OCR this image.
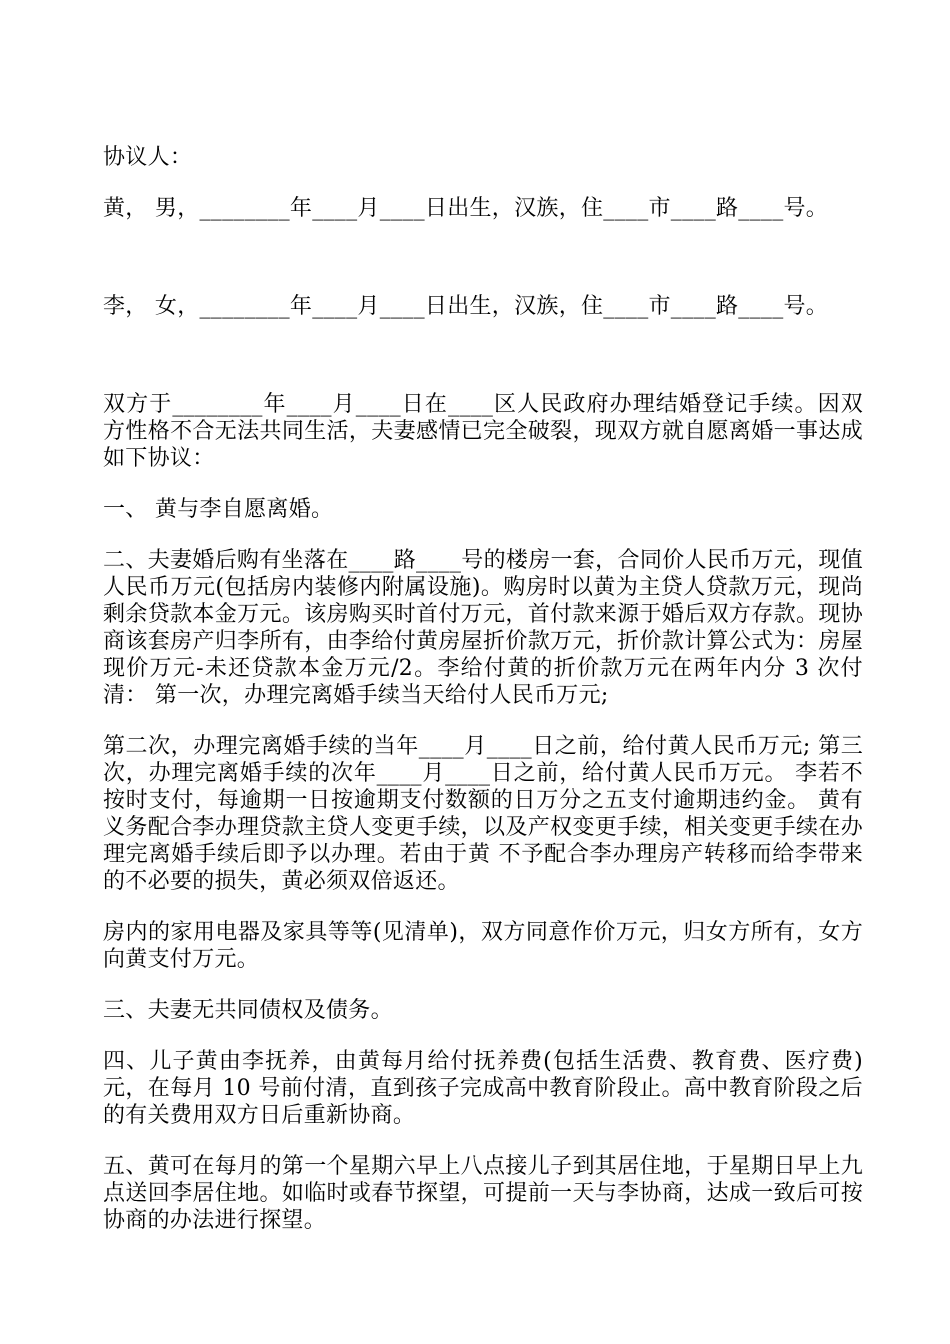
协议人：

黄， 男，________年____月____日出生，汉族，住____市____路____号。

李， 女，________年____月____日出生，汉族，住____市____路____号。

双方于________年____月____日在____区人民政府办理结婚登记手续。因双方性格不合无法共同生活，夫妻感情已完全破裂，现双方就自愿离婚一事达成如下协议：

一、 黄与李自愿离婚。

二、夫妻婚后购有坐落在____路____号的楼房一套，合同价人民币万元，现值人民币万元(包括房内装修内附属设施)。购房时以黄为主贷人贷款万元，现尚剩余贷款本金万元。该房购买时首付万元，首付款来源于婚后双方存款。现协商该套房产归李所有，由李给付黄房屋折价款万元，折价款计算公式为：房屋现价万元-未还贷款本金万元/2。李给付黄的折价款万元在两年内分 3 次付清： 第一次，办理完离婚手续当天给付人民币万元;

第二次，办理完离婚手续的当年____月____日之前，给付黄人民币万元; 第三次，办理完离婚手续的次年____月____日之前，给付黄人民币万元。 李若不按时支付，每逾期一日按逾期支付数额的日万分之五支付逾期违约金。 黄有义务配合李办理贷款主贷人变更手续，以及产权变更手续，相关变更手续在办理完离婚手续后即予以办理。若由于黄 不予配合李办理房产转移而给李带来的不必要的损失，黄必须双倍返还。

房内的家用电器及家具等等(见清单)，双方同意作价万元，归女方所有，女方向黄支付万元。

三、夫妻无共同债权及债务。

四、儿子黄由李抚养，由黄每月给付抚养费(包括生活费、教育费、医疗费)元，在每月 10 号前付清，直到孩子完成高中教育阶段止。高中教育阶段之后的有关费用双方日后重新协商。

五、黄可在每月的第一个星期六早上八点接儿子到其居住地，于星期日早上九点送回李居住地。如临时或春节探望，可提前一天与李协商，达成一致后可按协商的办法进行探望。
